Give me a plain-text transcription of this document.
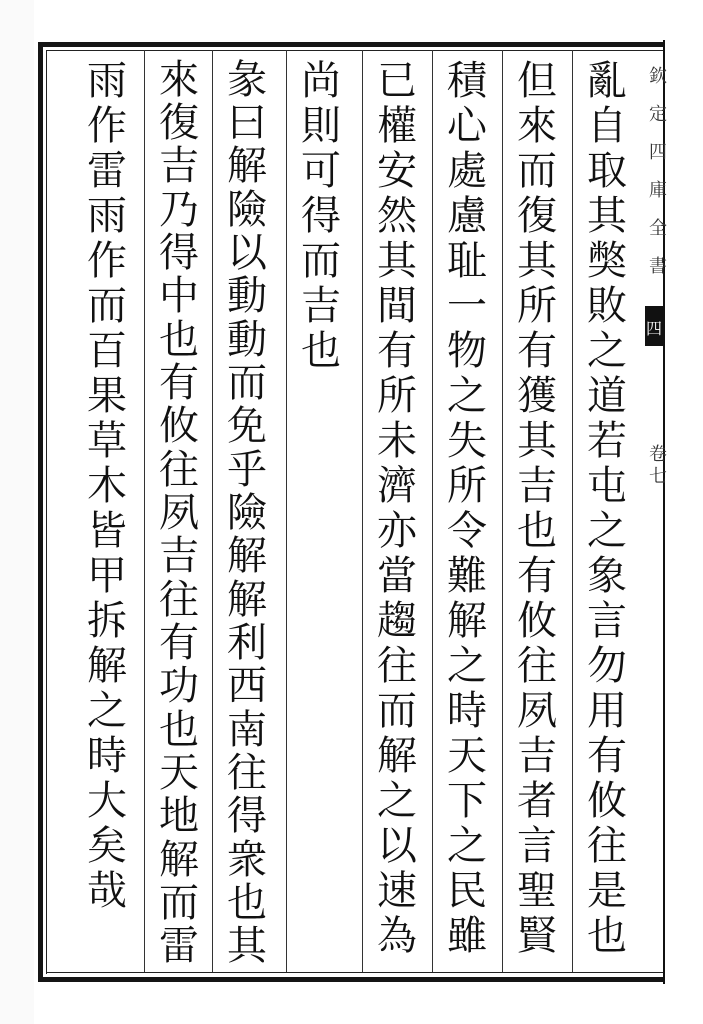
欽
定
四
庫
全
書
四
卷
七
亂
自
取
其
獘
敗
之
道
若
屯
之
象
言
勿
用
有
攸
往
是
也
但
來
而
復
其
所
有
獲
其
吉
也
有
攸
往
夙
吉
者
言
聖
賢
積
心
處
慮
耻
一
物
之
失
所
令
難
解
之
時
天
下
之
民
雖
已
權
安
然
其
間
有
所
未
濟
亦
當
趨
往
而
解
之
以
速
為
尚
則
可
得
而
吉
也
彖
曰
解
險
以
動
動
而
免
乎
險
解
解
利
西
南
往
得
衆
也
其
來
復
吉
乃
得
中
也
有
攸
往
夙
吉
往
有
功
也
天
地
解
而
雷
雨
作
雷
雨
作
而
百
果
草
木
皆
甲
拆
解
之
時
大
矣
哉
